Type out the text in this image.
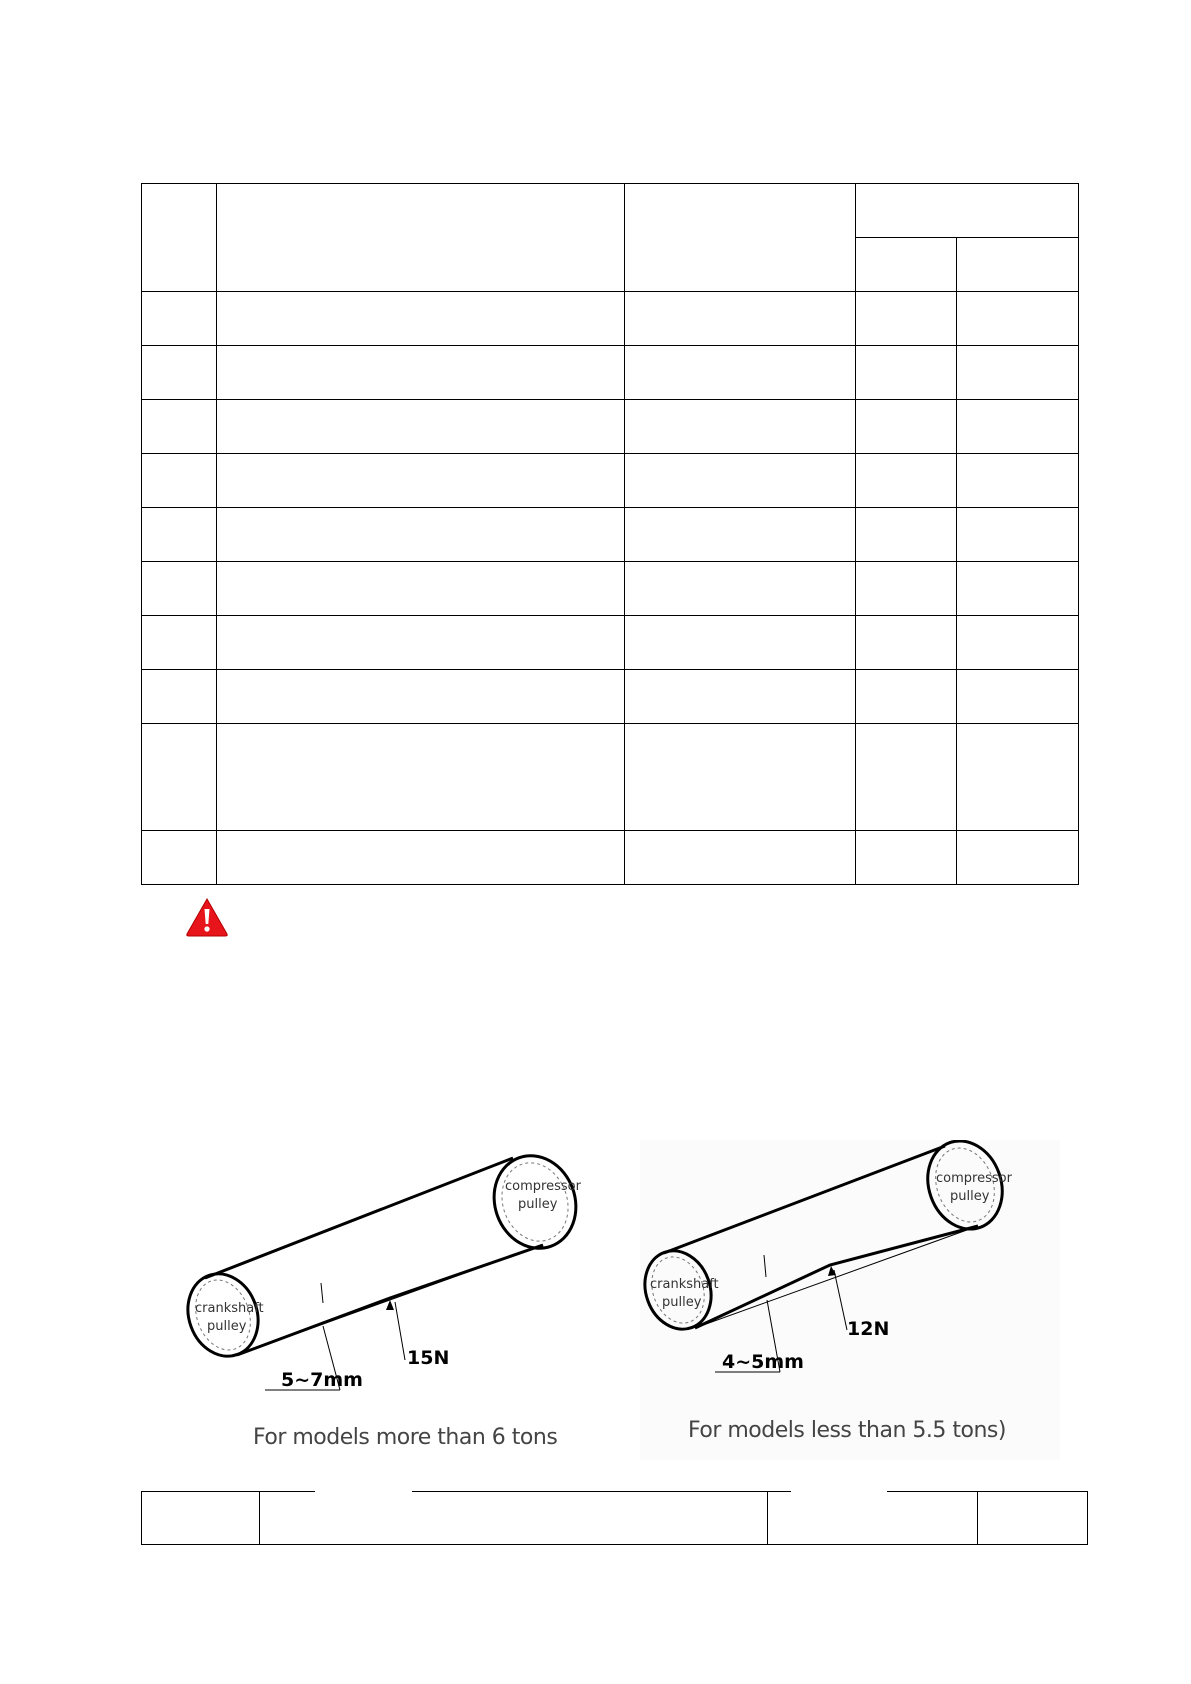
crankshaft
pulley
compressor
pulley
5~7mm
15N
For models more than 6 tons
crankshaft
pulley
compressor
pulley
4~5mm
12N
For models less than 5.5 tons)
